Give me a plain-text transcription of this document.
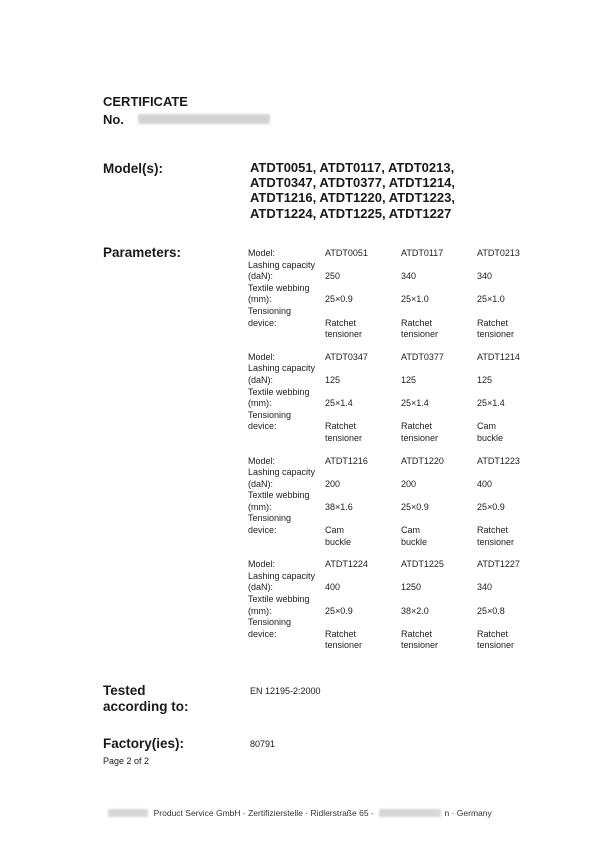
CERTIFICATE
No.
Model(s):	ATDT0051, ATDT0117, ATDT0213,
ATDT0347, ATDT0377, ATDT1214,
ATDT1216, ATDT1220, ATDT1223,
ATDT1224, ATDT1225, ATDT1227
Parameters:	Model:	ATDT0051	ATDT0117	ATDT0213
Lashing capacity
(daN):	250	340	340
Textile webbing
(mm):	25×0.9	25×1.0	25×1.0
Tensioning
device:	Ratchet	Ratchet	Ratchet
tensioner	tensioner	tensioner
Model:	ATDT0347	ATDT0377	ATDT1214
Lashing capacity
(daN):	125	125	125
Textile webbing
(mm):	25×1.4	25×1.4	25×1.4
Tensioning
device:	Ratchet	Ratchet	Cam
tensioner	tensioner	buckle
Model:	ATDT1216	ATDT1220	ATDT1223
Lashing capacity
(daN):	200	200	400
Textile webbing
(mm):	38×1.6	25×0.9	25×0.9
Tensioning
device:	Cam	Cam	Ratchet
buckle	buckle	tensioner
Model:	ATDT1224	ATDT1225	ATDT1227
Lashing capacity
(daN):	400	1250	340
Textile webbing
(mm):	25×0.9	38×2.0	25×0.8
Tensioning
device:	Ratchet	Ratchet	Ratchet
tensioner	tensioner	tensioner
Tested
according to:
EN 12195-2:2000
Factory(ies):	80791
Page 2 of 2
Product Service GmbH · Zertifizierstelle · Ridlerstraße 65 ·	n · Germany
